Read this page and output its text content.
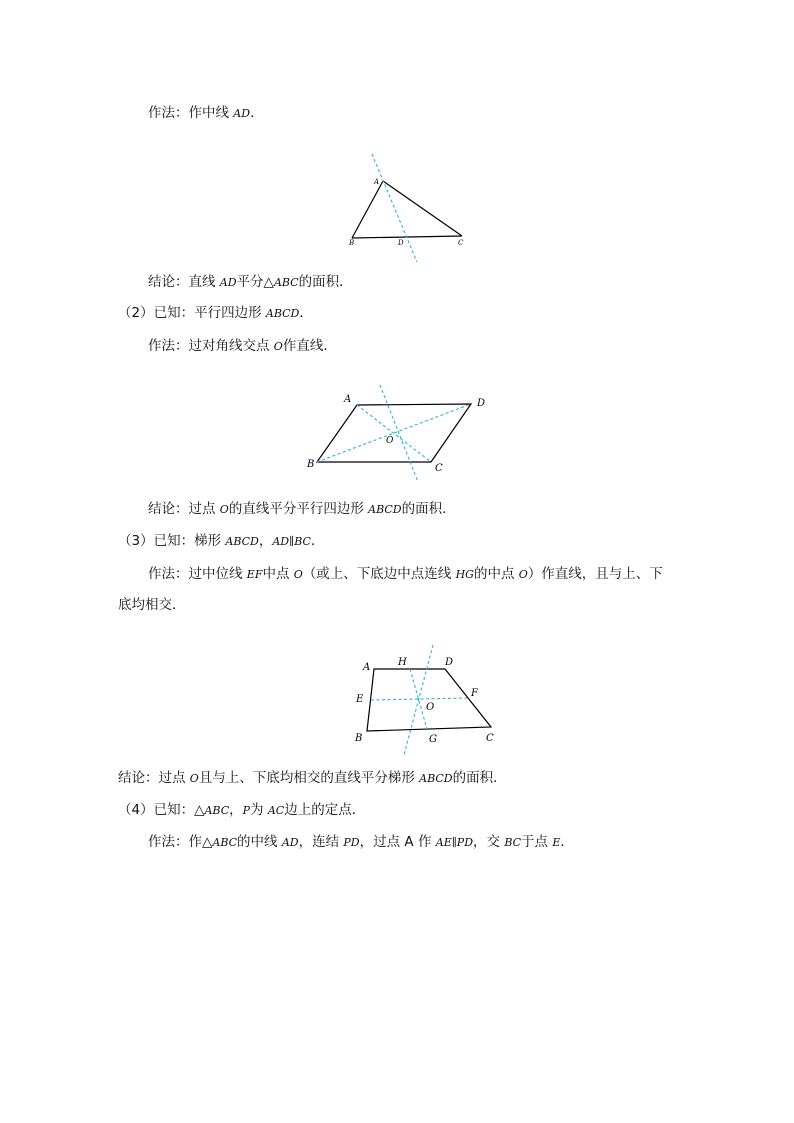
作法：作中线 AD．
A
B	D	C
结论：直线 AD平分△ABC的面积．
（2）已知：平行四边形 ABCD．
作法：过对角线交点 O作直线．
A	D
O
B	C
结论：过点 O的直线平分平行四边形 ABCD的面积．
（3）已知：梯形 ABCD，AD∥BC．
作法：过中位线 EF中点 O（或上、下底边中点连线 HG的中点 O）作直线，且与上、下
底均相交．
A	H	D
E
O
F
B	G	C
结论：过点 O且与上、下底均相交的直线平分梯形 ABCD的面积．
（4）已知：△ABC，P为 AC边上的定点．
作法：作△ABC的中线 AD，连结 PD，过点 A 作 AE∥PD，交 BC于点 E．
